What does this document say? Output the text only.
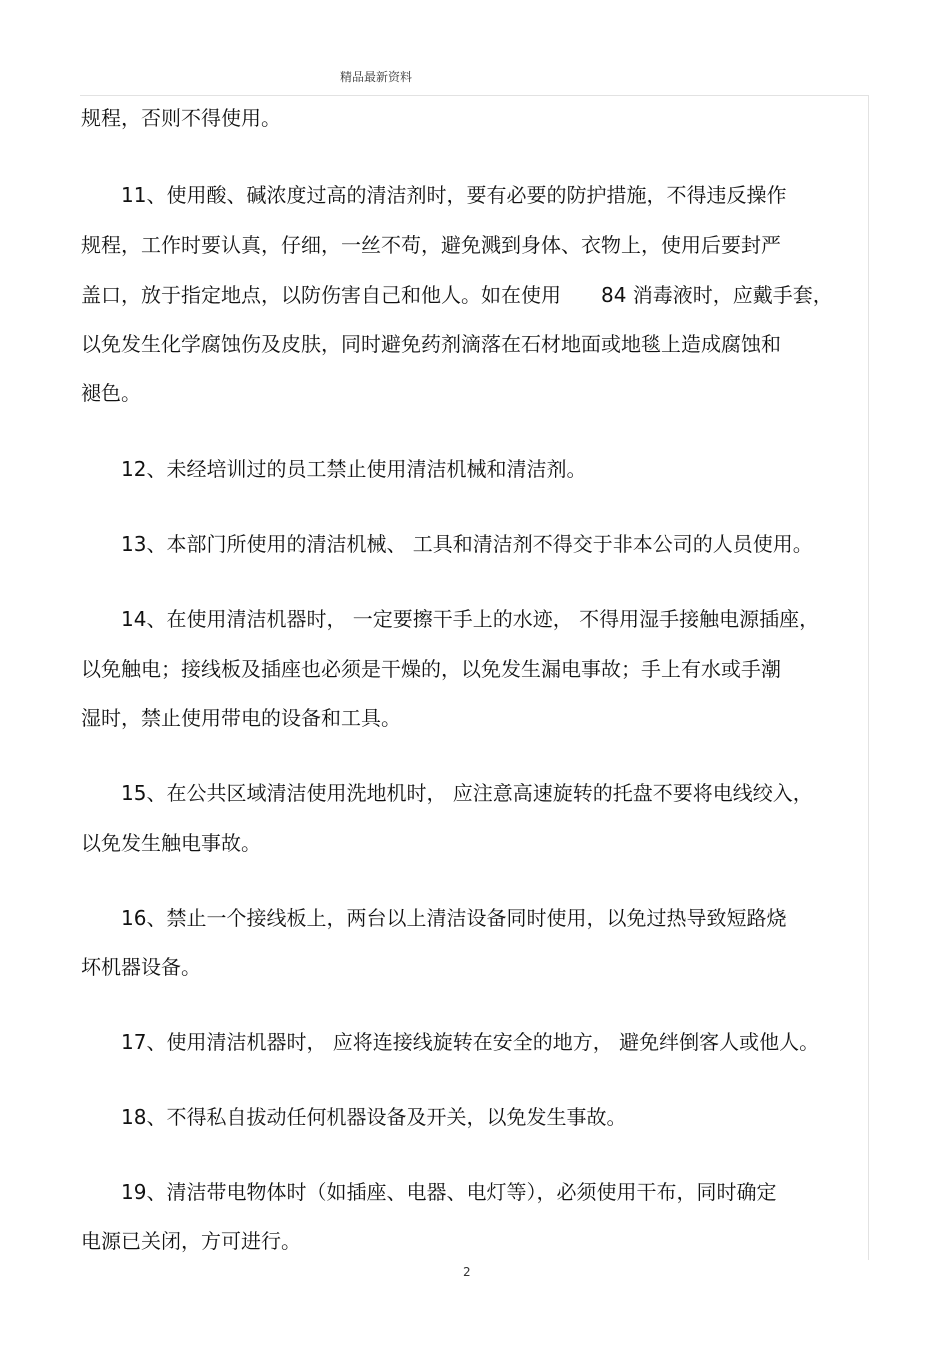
精品最新资料
规程，否则不得使用。
11、使用酸、碱浓度过高的清洁剂时，要有必要的防护措施，不得违反操作
规程，工作时要认真，仔细，一丝不苟，避免溅到身体、衣物上，使用后要封严
盖口，放于指定地点，以防伤害自己和他人。如在使用　　84 消毒液时，应戴手套，
以免发生化学腐蚀伤及皮肤，同时避免药剂滴落在石材地面或地毯上造成腐蚀和
褪色。
12、未经培训过的员工禁止使用清洁机械和清洁剂。
13、本部门所使用的清洁机械、 工具和清洁剂不得交于非本公司的人员使用。
14、在使用清洁机器时， 一定要擦干手上的水迹， 不得用湿手接触电源插座，
以免触电；接线板及插座也必须是干燥的，以免发生漏电事故；手上有水或手潮
湿时，禁止使用带电的设备和工具。
15、在公共区域清洁使用洗地机时， 应注意高速旋转的托盘不要将电线绞入，
以免发生触电事故。
16、禁止一个接线板上，两台以上清洁设备同时使用，以免过热导致短路烧
坏机器设备。
17、使用清洁机器时， 应将连接线旋转在安全的地方， 避免绊倒客人或他人。
18、不得私自拔动任何机器设备及开关，以免发生事故。
19、清洁带电物体时（如插座、电器、电灯等），必须使用干布，同时确定
电源已关闭，方可进行。
2
